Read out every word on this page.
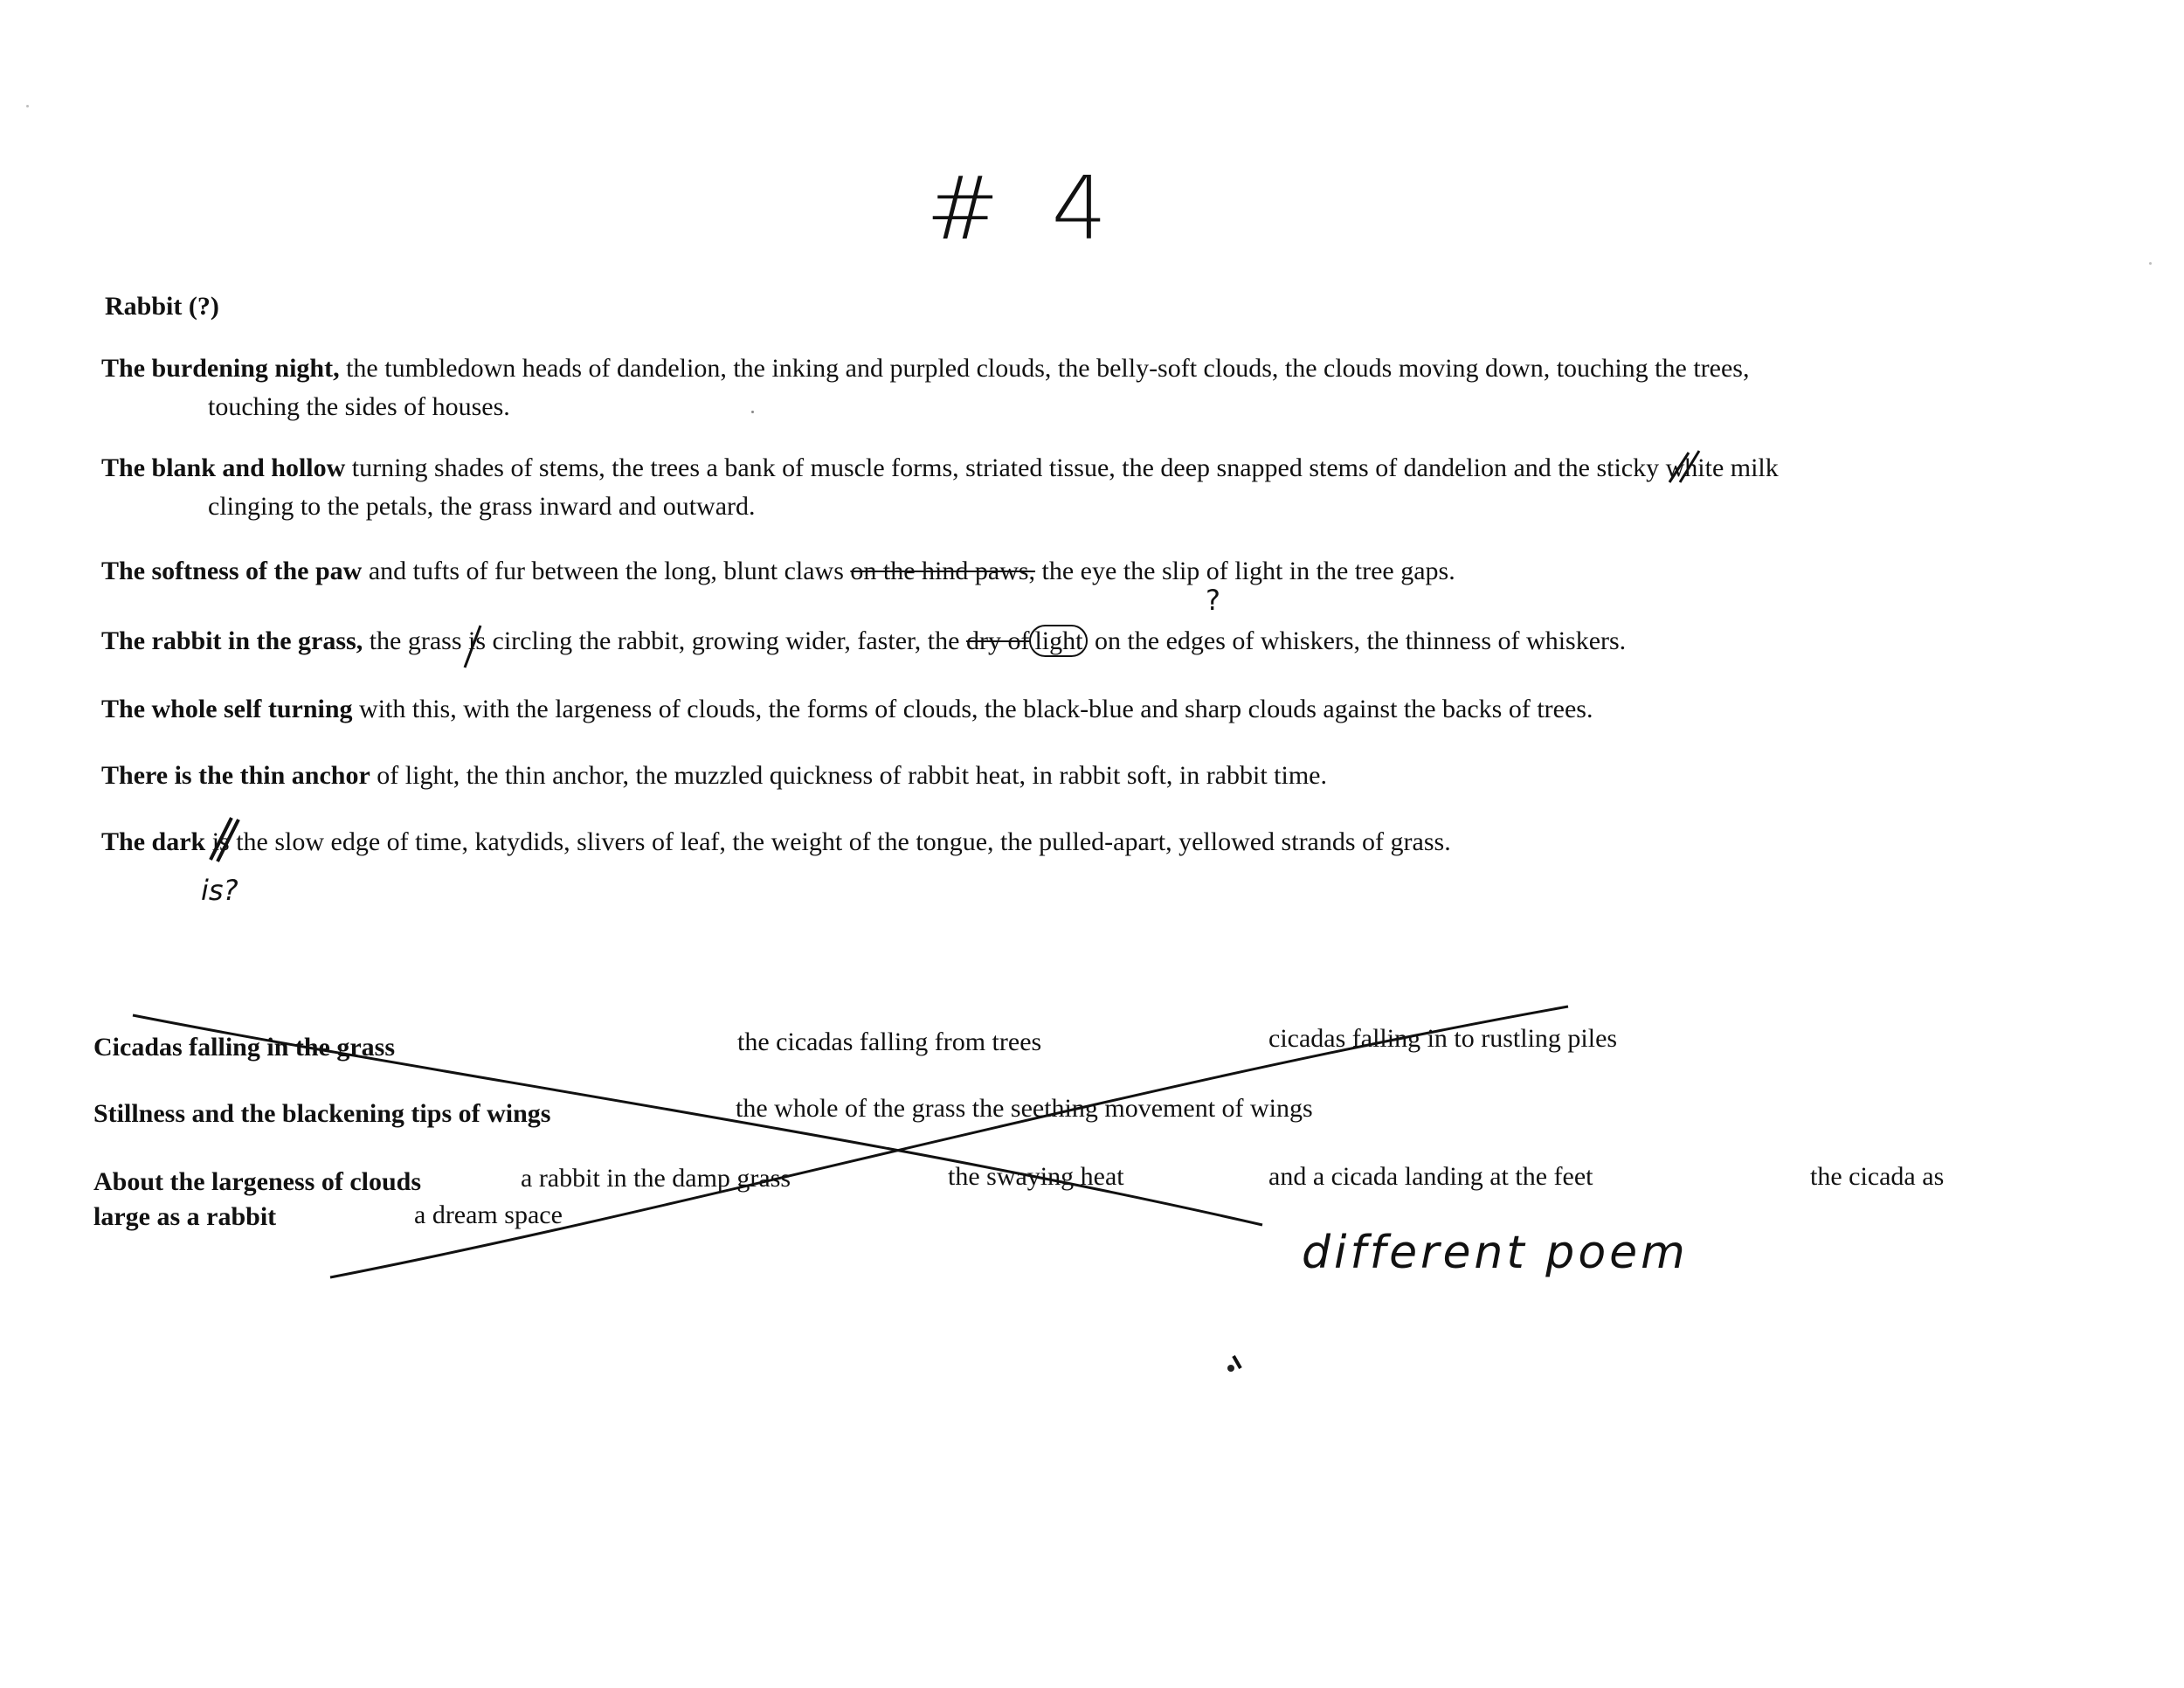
# 4
Rabbit (?)
The burdening night, the tumbledown heads of dandelion, the inking and purpled clouds, the belly-soft clouds, the clouds moving down, touching the trees,
touching the sides of houses.
The blank and hollow turning shades of stems, the trees a bank of muscle forms, striated tissue, the deep snapped stems of dandelion and the sticky white
milk
clinging to the petals, the grass inward and outward.
The softness of the paw and tufts of fur between the long, blunt claws on the hind paws, the eye the slip of light in the tree gaps.
?
The rabbit in the grass, the grass is
circling the rabbit, growing wider, faster, the dry of light on the edges of whiskers, the thinness of whiskers.
The whole self turning with this, with the largeness of clouds, the forms of clouds, the black-blue and sharp clouds against the backs of trees.
There is the thin anchor of light, the thin anchor, the muzzled quickness of rabbit heat, in rabbit soft, in rabbit time.
The dark is
the slow edge of time, katydids, slivers of leaf, the weight of the tongue, the pulled-apart, yellowed strands of grass.
is?
Cicadas falling in the grass	the cicadas falling from trees	cicadas falling in to rustling piles
Stillness and the blackening tips of wings	the whole of the grass the seething movement of wings
About the largeness of clouds	a rabbit in the damp grass	the swaying heat	and a cicada landing at the feet	the cicada as
large as a rabbit	a dream space
different poem
